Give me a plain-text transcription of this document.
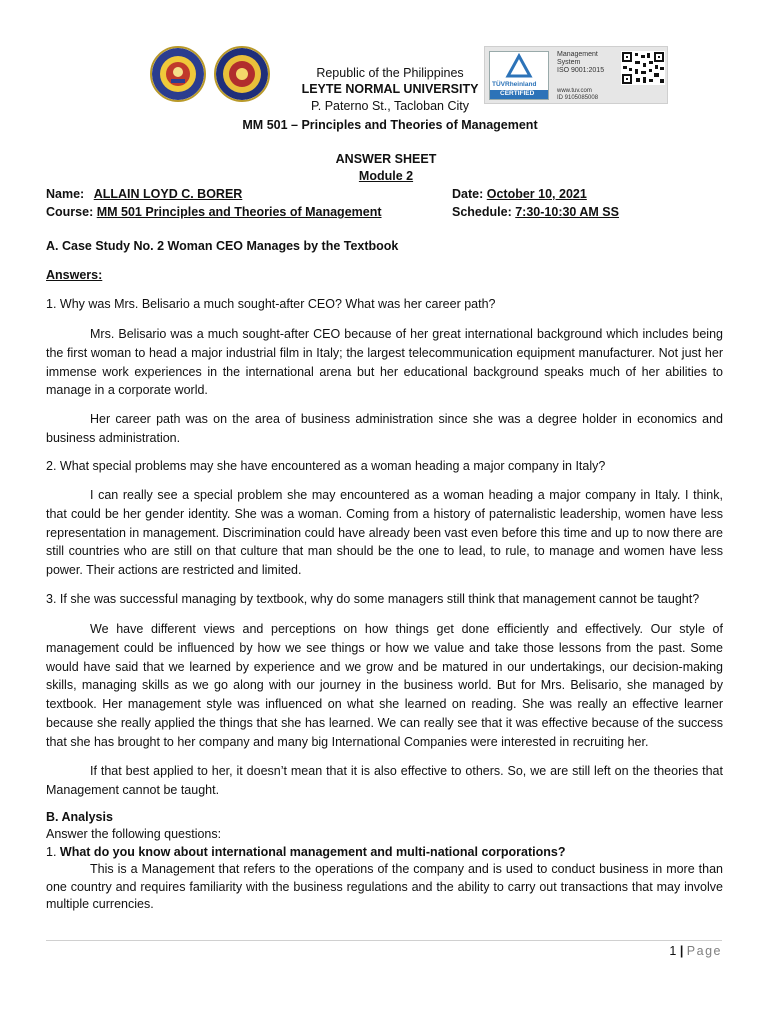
Republic of the Philippines
LEYTE NORMAL UNIVERSITY
P. Paterno St., Tacloban City
MM 501 – Principles and Theories of Management
TÜVRheinland
CERTIFIED
Management
System
ISO 9001:2015
www.tuv.com
ID 9105085008
ANSWER SHEET
Module 2
Name: ALLAIN LOYD C. BORER	Date: October 10, 2021
Course: MM 501 Principles and Theories of Management	Schedule: 7:30-10:30 AM SS
A. Case Study No. 2 Woman CEO Manages by the Textbook
Answers:
1. Why was Mrs. Belisario a much sought-after CEO? What was her career path?
Mrs. Belisario was a much sought-after CEO because of her great international background which includes being the first woman to head a major industrial film in Italy; the largest telecommunication equipment manufacturer. Not just her immense work experiences in the international arena but her educational background speaks much of her abilities to manage in a corporate world.
Her career path was on the area of business administration since she was a degree holder in economics and business administration.
2. What special problems may she have encountered as a woman heading a major company in Italy?
I can really see a special problem she may encountered as a woman heading a major company in Italy. I think, that could be her gender identity. She was a woman. Coming from a history of paternalistic leadership, women have less representation in management. Discrimination could have already been vast even before this time and up to now there are still countries who are still on that culture that man should be the one to lead, to rule, to manage and women have less power. Their actions are restricted and limited.
3. If she was successful managing by textbook, why do some managers still think that management cannot be taught?
We have different views and perceptions on how things get done efficiently and effectively. Our style of management could be influenced by how we see things or how we value and take those lessons from the past. Some would have said that we learned by experience and we grow and be matured in our undertakings, our decision-making skills, managing skills as we go along with our journey in the business world. But for Mrs. Belisario, she managed by textbook. Her management style was influenced on what she learned on reading. She was really an effective learner because she really applied the things that she has learned. We can really see that it was effective because of the success that she has brought to her company and many big International Companies were interested in recruiting her.
If that best applied to her, it doesn’t mean that it is also effective to others. So, we are still left on the theories that Management cannot be taught.
B. Analysis
Answer the following questions:
1. What do you know about international management and multi-national corporations?
This is a Management that refers to the operations of the company and is used to conduct business in more than one country and requires familiarity with the business regulations and the ability to carry out transactions that may involve multiple currencies.
1 | Page
